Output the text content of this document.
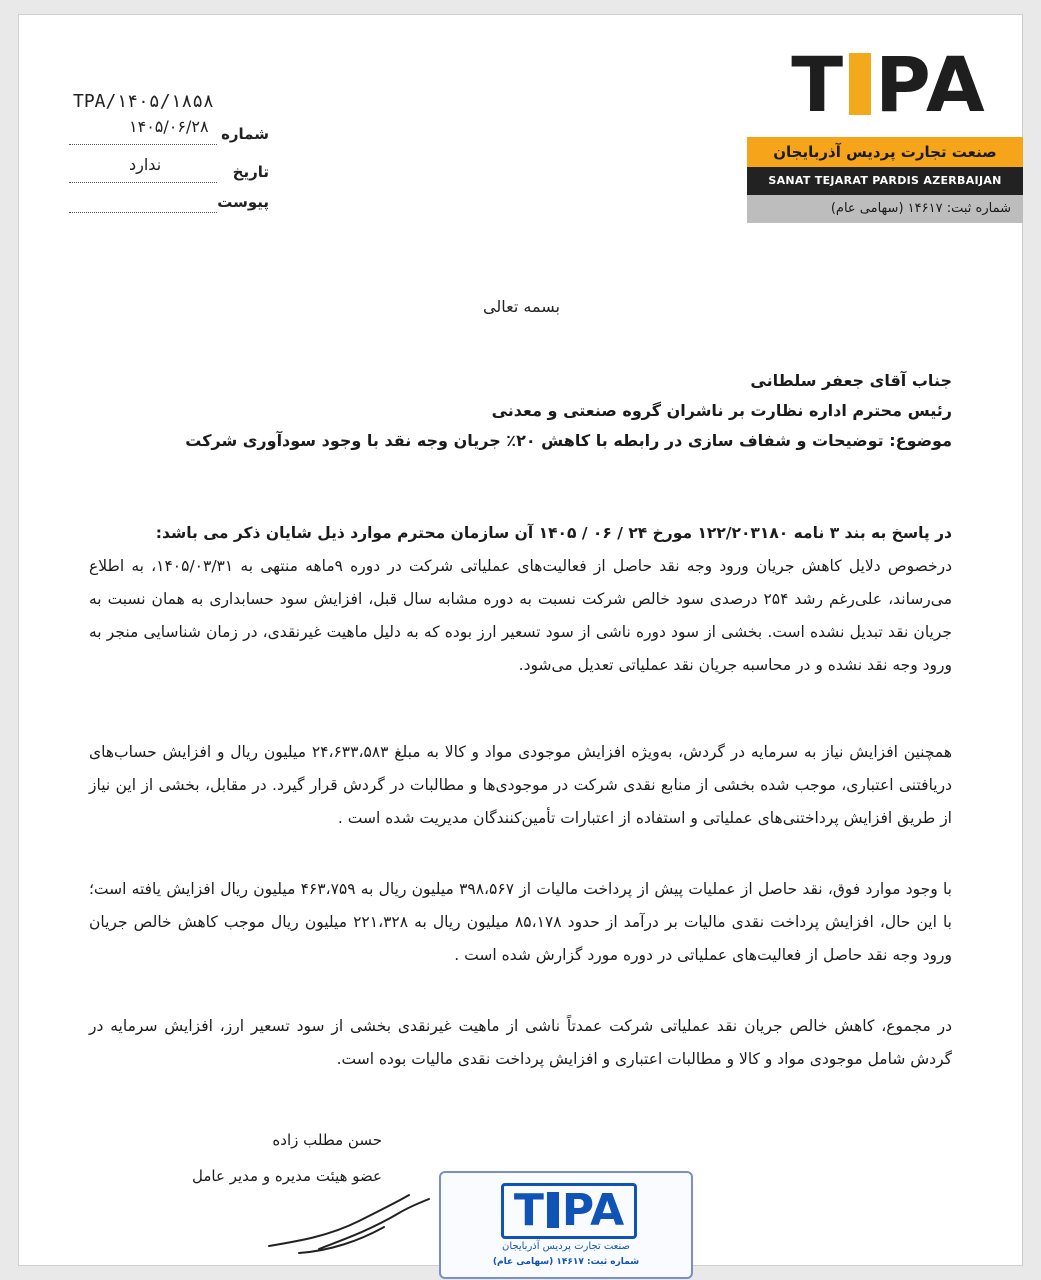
T PA
صنعت تجارت پردیس آذربایجان
SANAT TEJARAT PARDIS AZERBAIJAN
شماره ثبت: ۱۴۶۱۷ (سهامی عام)
TPA/۱۴۰۵/۱۸۵۸
شماره
۱۴۰۵/۰۶/۲۸
تاریخ
ندارد
پیوست
بسمه تعالی
جناب آقای جعفر سلطانی
رئیس محترم اداره نظارت بر ناشران گروه صنعتی و معدنی
موضوع: توضیحات و شفاف سازی در رابطه با کاهش ۲۰٪ جریان وجه نقد با وجود سودآوری شرکت
در پاسخ به بند ۳ نامه ۱۲۲/۲۰۳۱۸۰ مورخ ۲۴ / ۰۶ / ۱۴۰۵ آن سازمان محترم موارد ذیل شایان ذکر می باشد:
درخصوص دلایل کاهش جریان ورود وجه نقد حاصل از فعالیت‌های عملیاتی شرکت در دوره ۹ماهه منتهی به ۱۴۰۵/۰۳/۳۱، به اطلاع می‌رساند، علی‌رغم رشد ۲۵۴ درصدی سود خالص شرکت نسبت به دوره مشابه سال قبل، افزایش سود حسابداری به همان نسبت به جریان نقد تبدیل نشده است. بخشی از سود دوره ناشی از سود تسعیر ارز بوده که به دلیل ماهیت غیرنقدی، در زمان شناسایی منجر به ورود وجه نقد نشده و در محاسبه جریان نقد عملیاتی تعدیل می‌شود.
همچنین افزایش نیاز به سرمایه در گردش، به‌ویژه افزایش موجودی مواد و کالا به مبلغ ۲۴،۶۳۳،۵۸۳ میلیون ریال و افزایش حساب‌های دریافتنی اعتباری، موجب شده بخشی از منابع نقدی شرکت در موجودی‌ها و مطالبات در گردش قرار گیرد. در مقابل، بخشی از این نیاز از طریق افزایش پرداختنی‌های عملیاتی و استفاده از اعتبارات تأمین‌کنندگان مدیریت شده است .
با وجود موارد فوق، نقد حاصل از عملیات پیش از پرداخت مالیات از ۳۹۸،۵۶۷ میلیون ریال به ۴۶۳،۷۵۹ میلیون ریال افزایش یافته است؛ با این حال، افزایش پرداخت نقدی مالیات بر درآمد از حدود ۸۵،۱۷۸ میلیون ریال به ۲۲۱،۳۲۸ میلیون ریال موجب کاهش خالص جریان ورود وجه نقد حاصل از فعالیت‌های عملیاتی در دوره مورد گزارش شده است .
در مجموع، کاهش خالص جریان نقد عملیاتی شرکت عمدتاً ناشی از ماهیت غیرنقدی بخشی از سود تسعیر ارز، افزایش سرمایه در گردش شامل موجودی مواد و کالا و مطالبات اعتباری و افزایش پرداخت نقدی مالیات بوده است.
حسن مطلب زاده
عضو هیئت مدیره و مدیر عامل
T PA
صنعت تجارت پردیس آذربایجان
شماره ثبت: ۱۴۶۱۷ (سهامی عام)
